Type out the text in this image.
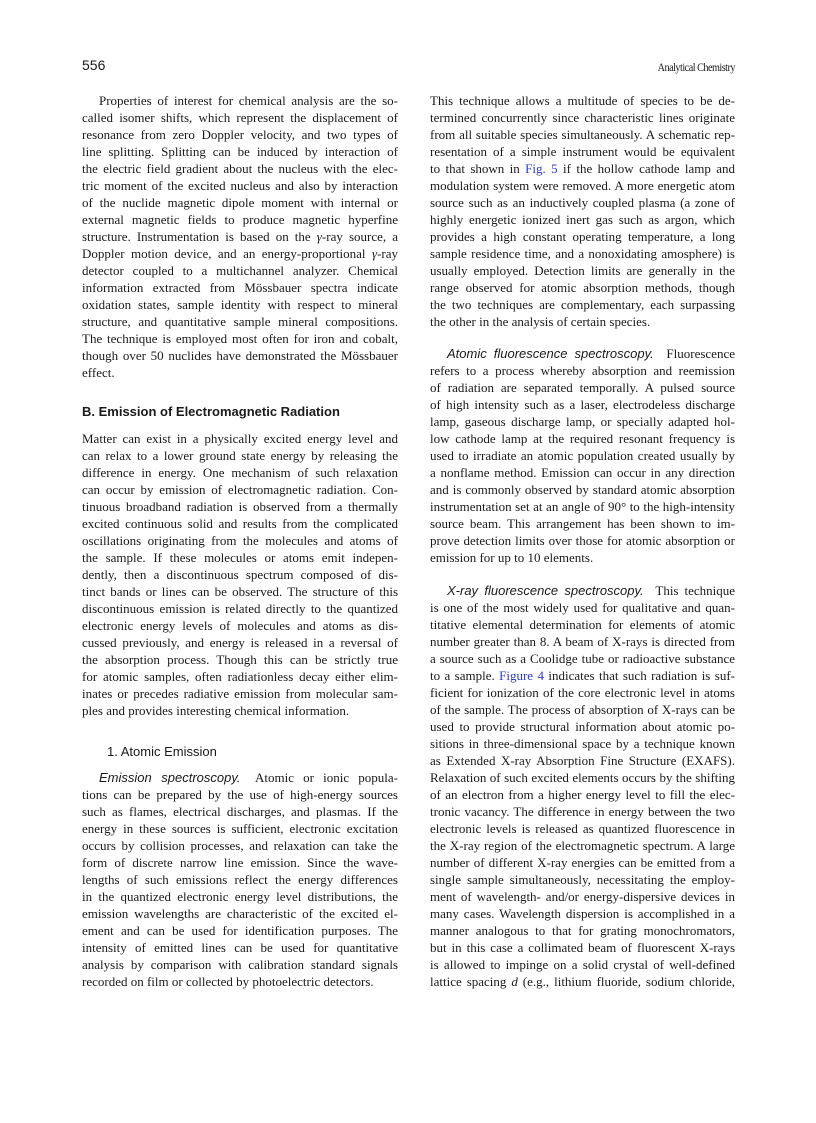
556	Analytical Chemistry
Properties of interest for chemical analysis are the so-
called isomer shifts, which represent the displacement of
resonance from zero Doppler velocity, and two types of
line splitting. Splitting can be induced by interaction of
the electric field gradient about the nucleus with the elec-
tric moment of the excited nucleus and also by interaction
of the nuclide magnetic dipole moment with internal or
external magnetic fields to produce magnetic hyperfine
structure. Instrumentation is based on the γ-ray source, a
Doppler motion device, and an energy-proportional γ-ray
detector coupled to a multichannel analyzer. Chemical
information extracted from Mössbauer spectra indicate
oxidation states, sample identity with respect to mineral
structure, and quantitative sample mineral compositions.
The technique is employed most often for iron and cobalt,
though over 50 nuclides have demonstrated the Mössbauer
effect.
B. Emission of Electromagnetic Radiation
Matter can exist in a physically excited energy level and
can relax to a lower ground state energy by releasing the
difference in energy. One mechanism of such relaxation
can occur by emission of electromagnetic radiation. Con-
tinuous broadband radiation is observed from a thermally
excited continuous solid and results from the complicated
oscillations originating from the molecules and atoms of
the sample. If these molecules or atoms emit indepen-
dently, then a discontinuous spectrum composed of dis-
tinct bands or lines can be observed. The structure of this
discontinuous emission is related directly to the quantized
electronic energy levels of molecules and atoms as dis-
cussed previously, and energy is released in a reversal of
the absorption process. Though this can be strictly true
for atomic samples, often radiationless decay either elim-
inates or precedes radiative emission from molecular sam-
ples and provides interesting chemical information.
1. Atomic Emission
Emission spectroscopy. Atomic or ionic popula-
tions can be prepared by the use of high-energy sources
such as flames, electrical discharges, and plasmas. If the
energy in these sources is sufficient, electronic excitation
occurs by collision processes, and relaxation can take the
form of discrete narrow line emission. Since the wave-
lengths of such emissions reflect the energy differences
in the quantized electronic energy level distributions, the
emission wavelengths are characteristic of the excited el-
ement and can be used for identification purposes. The
intensity of emitted lines can be used for quantitative
analysis by comparison with calibration standard signals
recorded on film or collected by photoelectric detectors.
This technique allows a multitude of species to be de-
termined concurrently since characteristic lines originate
from all suitable species simultaneously. A schematic rep-
resentation of a simple instrument would be equivalent
to that shown in Fig. 5 if the hollow cathode lamp and
modulation system were removed. A more energetic atom
source such as an inductively coupled plasma (a zone of
highly energetic ionized inert gas such as argon, which
provides a high constant operating temperature, a long
sample residence time, and a nonoxidating amosphere) is
usually employed. Detection limits are generally in the
range observed for atomic absorption methods, though
the two techniques are complementary, each surpassing
the other in the analysis of certain species.
Atomic fluorescence spectroscopy. Fluorescence
refers to a process whereby absorption and reemission
of radiation are separated temporally. A pulsed source
of high intensity such as a laser, electrodeless discharge
lamp, gaseous discharge lamp, or specially adapted hol-
low cathode lamp at the required resonant frequency is
used to irradiate an atomic population created usually by
a nonflame method. Emission can occur in any direction
and is commonly observed by standard atomic absorption
instrumentation set at an angle of 90° to the high-intensity
source beam. This arrangement has been shown to im-
prove detection limits over those for atomic absorption or
emission for up to 10 elements.
X-ray fluorescence spectroscopy. This technique
is one of the most widely used for qualitative and quan-
titative elemental determination for elements of atomic
number greater than 8. A beam of X-rays is directed from
a source such as a Coolidge tube or radioactive substance
to a sample. Figure 4 indicates that such radiation is suf-
ficient for ionization of the core electronic level in atoms
of the sample. The process of absorption of X-rays can be
used to provide structural information about atomic po-
sitions in three-dimensional space by a technique known
as Extended X-ray Absorption Fine Structure (EXAFS).
Relaxation of such excited elements occurs by the shifting
of an electron from a higher energy level to fill the elec-
tronic vacancy. The difference in energy between the two
electronic levels is released as quantized fluorescence in
the X-ray region of the electromagnetic spectrum. A large
number of different X-ray energies can be emitted from a
single sample simultaneously, necessitating the employ-
ment of wavelength- and/or energy-dispersive devices in
many cases. Wavelength dispersion is accomplished in a
manner analogous to that for grating monochromators,
but in this case a collimated beam of fluorescent X-rays
is allowed to impinge on a solid crystal of well-defined
lattice spacing d (e.g., lithium fluoride, sodium chloride,
